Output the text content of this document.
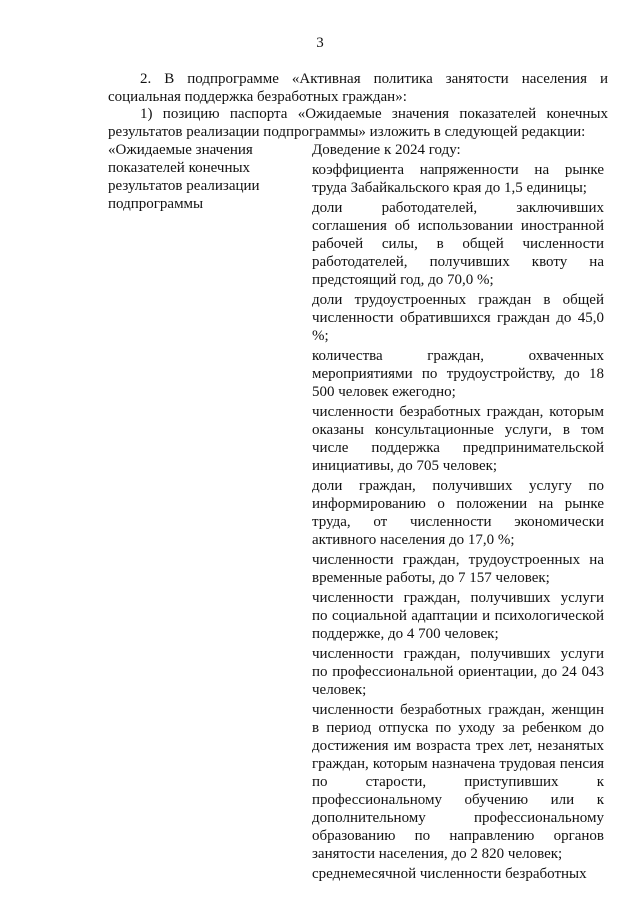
3
2. В подпрограмме «Активная политика занятости населения и социальная поддержка безработных граждан»:
1) позицию паспорта «Ожидаемые значения показателей конечных результатов реализации подпрограммы» изложить в следующей редакции:
«Ожидаемые значения показателей конечных результатов реализации подпрограммы

Доведение к 2024 году:

коэффициента напряженности на рынке труда Забайкальского края до 1,5 единицы;

доли работодателей, заключивших соглашения об использовании иностранной рабочей силы, в общей численности работодателей, получивших квоту на предстоящий год, до 70,0 %;

доли трудоустроенных граждан в общей численности обратившихся граждан до 45,0 %;

количества граждан, охваченных мероприятиями по трудоустройству, до 18 500 человек ежегодно;

численности безработных граждан, которым оказаны консультационные услуги, в том числе поддержка предпринимательской инициативы, до 705 человек;

доли граждан, получивших услугу по информированию о положении на рынке труда, от численности экономически активного населения до 17,0 %;

численности граждан, трудоустроенных на временные работы, до 7 157 человек;

численности граждан, получивших услуги по социальной адаптации и психологической поддержке, до 4 700 человек;

численности граждан, получивших услуги по профессиональной ориентации, до 24 043 человек;

численности безработных граждан, женщин в период отпуска по уходу за ребенком до достижения им возраста трех лет, незанятых граждан, которым назначена трудовая пенсия по старости, приступивших к профессиональному обучению или к дополнительному профессиональному образованию по направлению органов занятости населения, до 2 820 человек;

среднемесячной численности безработных
